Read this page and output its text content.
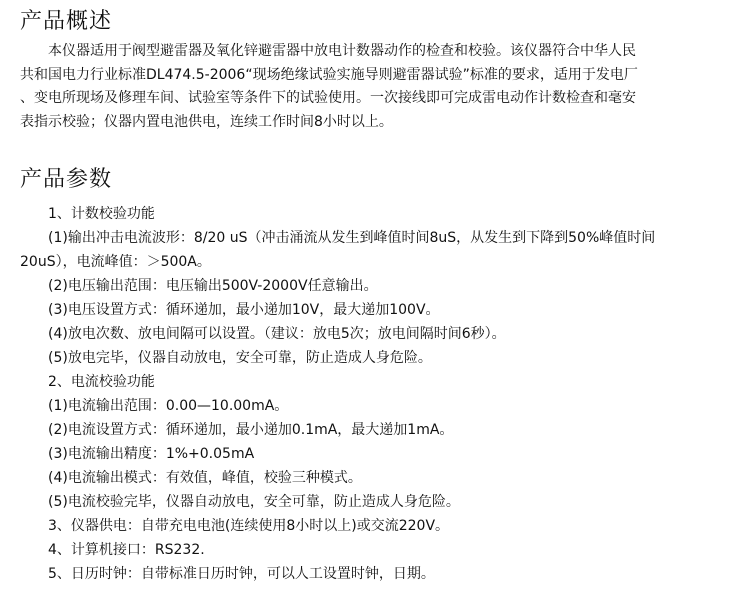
产品概述

本仪器适用于阀型避雷器及氧化锌避雷器中放电计数器动作的检查和校验。该仪器符合中华人民

共和国电力行业标准DL474.5-2006“现场绝缘试验实施导则避雷器试验”标准的要求，适用于发电厂

、变电所现场及修理车间、试验室等条件下的试验使用。一次接线即可完成雷电动作计数检查和毫安

表指示校验；仪器内置电池供电，连续工作时间8小时以上。

产品参数

1、计数校验功能

(1)输出冲击电流波形：8/20 uS（冲击涌流从发生到峰值时间8uS，从发生到下降到50%峰值时间

20uS），电流峰值：＞500A。

(2)电压输出范围：电压输出500V-2000V任意输出。

(3)电压设置方式：循环递加，最小递加10V，最大递加100V。

(4)放电次数、放电间隔可以设置。（建议：放电5次；放电间隔时间6秒）。

(5)放电完毕，仪器自动放电，安全可靠，防止造成人身危险。

2、电流校验功能

(1)电流输出范围：0.00—10.00mA。

(2)电流设置方式：循环递加，最小递加0.1mA，最大递加1mA。

(3)电流输出精度：1%+0.05mA

(4)电流输出模式：有效值，峰值，校验三种模式。

(5)电流校验完毕，仪器自动放电，安全可靠，防止造成人身危险。

3、仪器供电：自带充电电池(连续使用8小时以上)或交流220V。

4、计算机接口：RS232.

5、日历时钟：自带标准日历时钟，可以人工设置时钟，日期。
